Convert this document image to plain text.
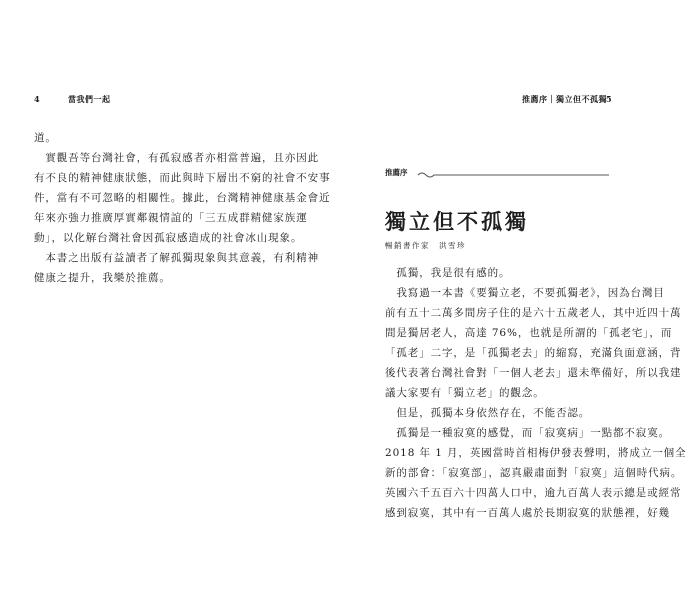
4	當我們一起	推薦序｜獨立但不孤獨 5

道。

　實觀吾等台灣社會，有孤寂感者亦相當普遍，且亦因此

有不良的精神健康狀態，而此與時下層出不窮的社會不安事

件，當有不可忽略的相關性。據此，台灣精神健康基金會近

年來亦強力推廣厚實鄰親情誼的「三五成群精健家族運

動」，以化解台灣社會因孤寂感造成的社會冰山現象。

　本書之出版有益讀者了解孤獨現象與其意義，有利精神

健康之提升，我樂於推薦。

推薦序
獨立但不孤獨
暢銷書作家　洪雪珍

　孤獨，我是很有感的。

　我寫過一本書《要獨立老，不要孤獨老》，因為台灣目

前有五十二萬多間房子住的是六十五歲老人，其中近四十萬

間是獨居老人，高達 76%，也就是所謂的「孤老宅」，而

「孤老」二字，是「孤獨老去」的縮寫，充滿負面意涵，背

後代表著台灣社會對「一個人老去」還未準備好，所以我建

議大家要有「獨立老」的觀念。

　但是，孤獨本身依然存在，不能否認。

　孤獨是一種寂寞的感覺，而「寂寞病」一點都不寂寞。

2018 年 1 月，英國當時首相梅伊發表聲明，將成立一個全

新的部會：「寂寞部」，認真嚴肅面對「寂寞」這個時代病。

英國六千五百六十四萬人口中，逾九百萬人表示總是或經常

感到寂寞，其中有一百萬人處於長期寂寞的狀態裡，好幾
